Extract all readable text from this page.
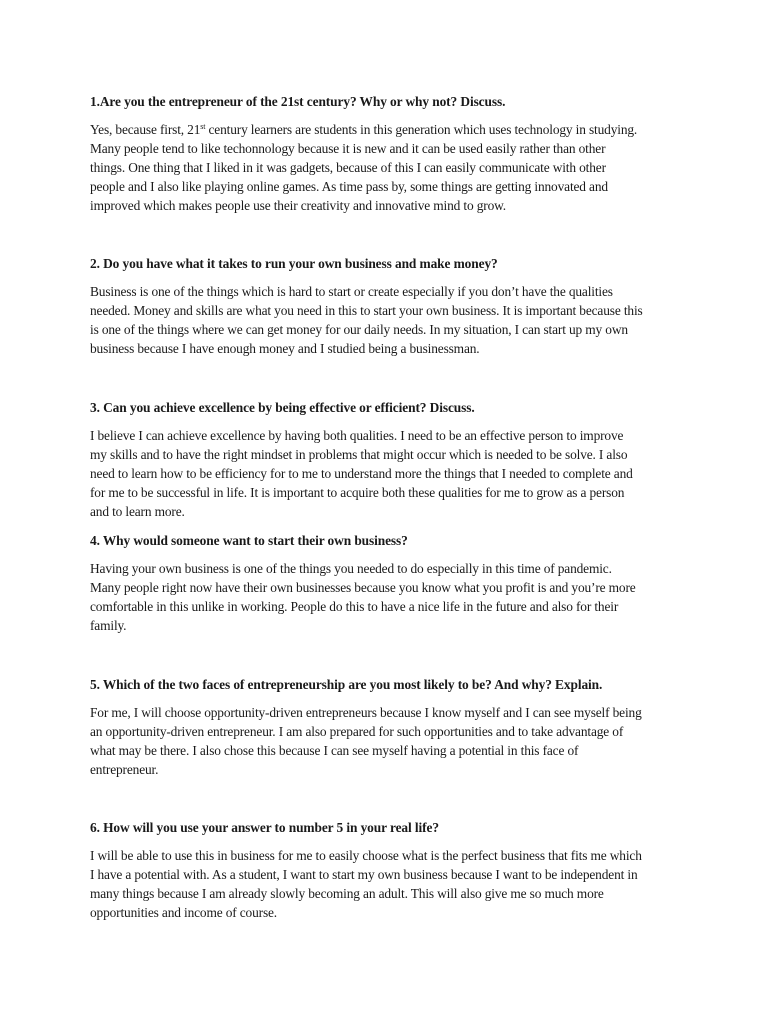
1.Are you the entrepreneur of the 21st century? Why or why not? Discuss.

Yes, because first, 21st century learners are students in this generation which uses technology in studying.
Many people tend to like techonnology because it is new and it can be used easily rather than other
things. One thing that I liked in it was gadgets, because of this I can easily communicate with other
people and I also like playing online games. As time pass by, some things are getting innovated and
improved which makes people use their creativity and innovative mind to grow.

2. Do you have what it takes to run your own business and make money?

Business is one of the things which is hard to start or create especially if you don’t have the qualities
needed. Money and skills are what you need in this to start your own business. It is important because this
is one of the things where we can get money for our daily needs. In my situation, I can start up my own
business because I have enough money and I studied being a businessman.

3. Can you achieve excellence by being effective or efficient? Discuss.

I believe I can achieve excellence by having both qualities. I need to be an effective person to improve
my skills and to have the right mindset in problems that might occur which is needed to be solve. I also
need to learn how to be efficiency for to me to understand more the things that I needed to complete and
for me to be successful in life. It is important to acquire both these qualities for me to grow as a person
and to learn more.

4. Why would someone want to start their own business?

Having your own business is one of the things you needed to do especially in this time of pandemic.
Many people right now have their own businesses because you know what you profit is and you’re more
comfortable in this unlike in working. People do this to have a nice life in the future and also for their
family.

5. Which of the two faces of entrepreneurship are you most likely to be? And why? Explain.

For me, I will choose opportunity-driven entrepreneurs because I know myself and I can see myself being
an opportunity-driven entrepreneur. I am also prepared for such opportunities and to take advantage of
what may be there. I also chose this because I can see myself having a potential in this face of
entrepreneur.

6. How will you use your answer to number 5 in your real life?

I will be able to use this in business for me to easily choose what is the perfect business that fits me which
I have a potential with. As a student, I want to start my own business because I want to be independent in
many things because I am already slowly becoming an adult. This will also give me so much more
opportunities and income of course.
